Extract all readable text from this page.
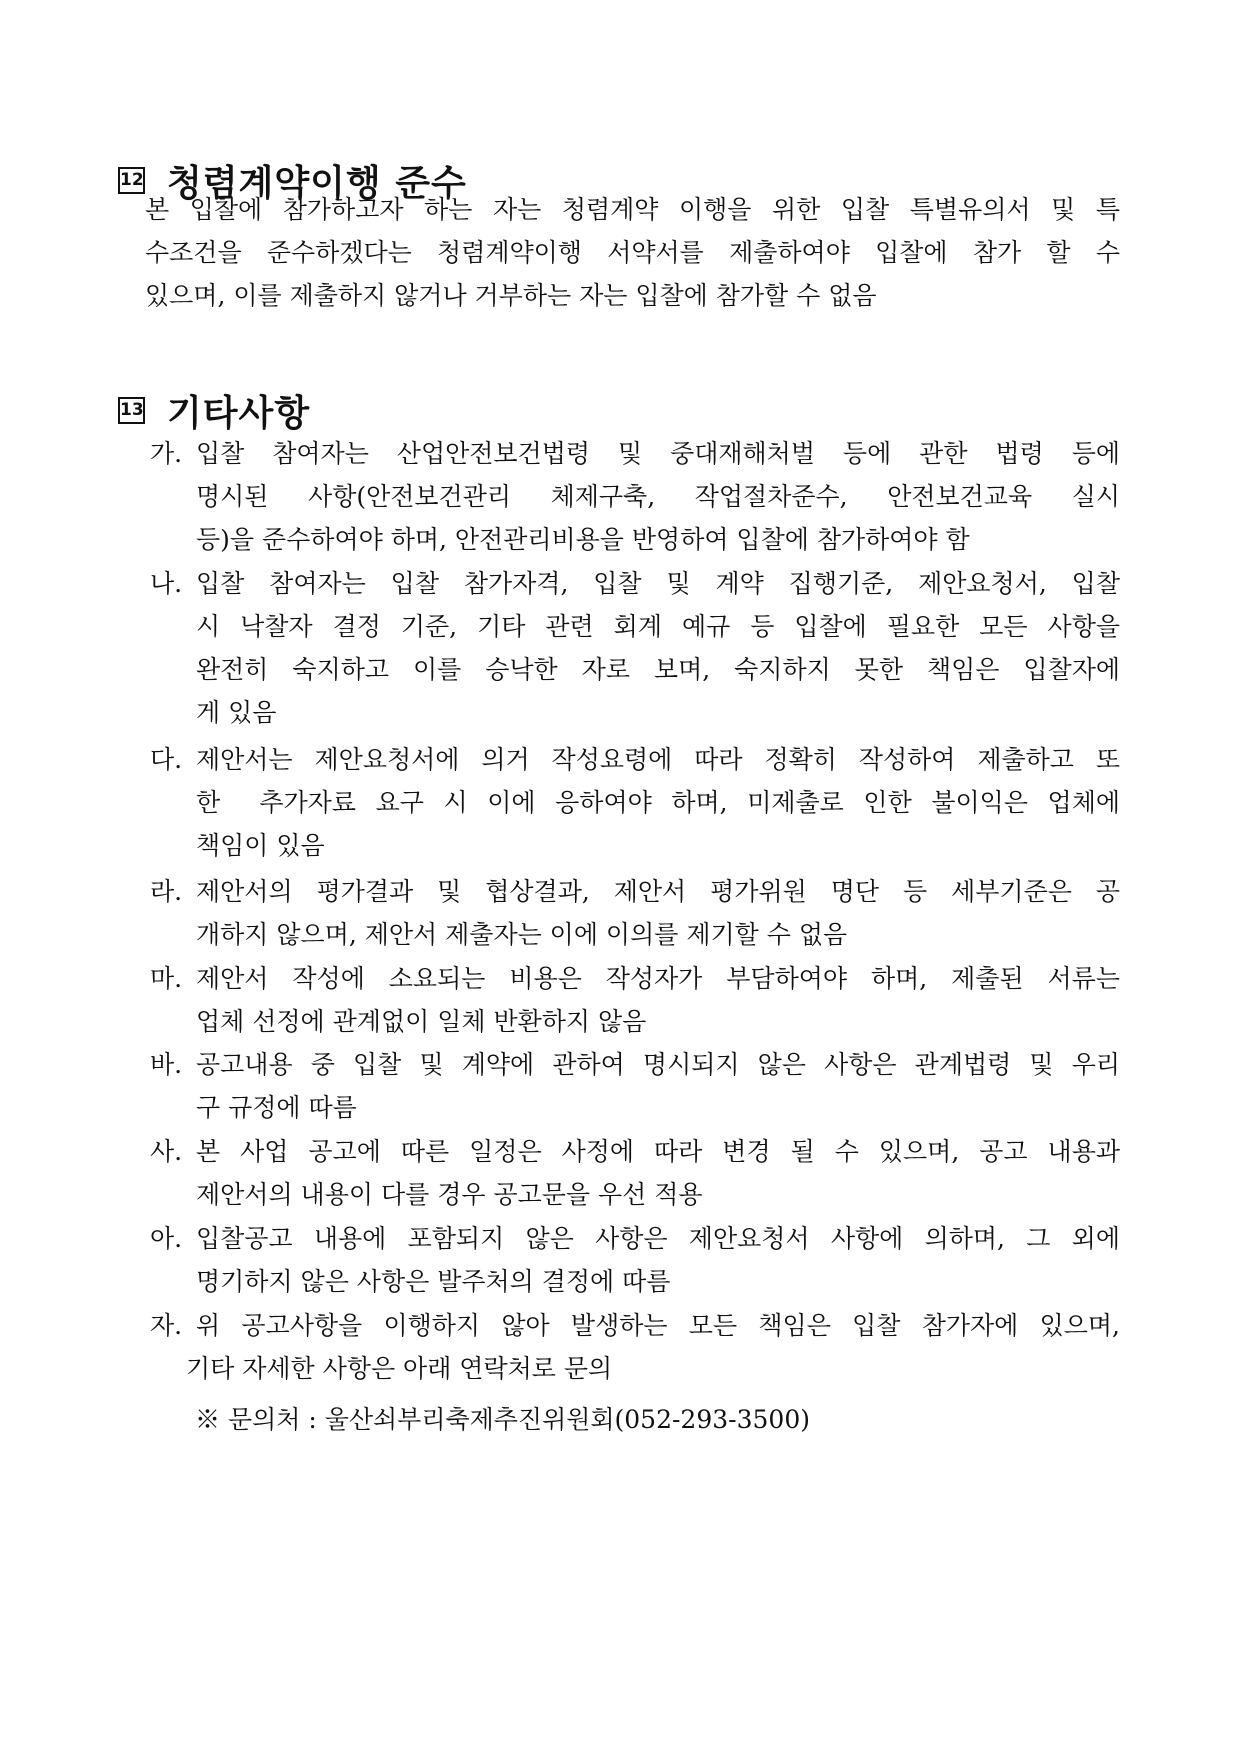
12 청렴계약이행 준수
본 입찰에 참가하고자 하는 자는 청렴계약 이행을 위한 입찰 특별유의서 및 특
수조건을 준수하겠다는 청렴계약이행 서약서를 제출하여야 입찰에 참가 할 수
있으며, 이를 제출하지 않거나 거부하는 자는 입찰에 참가할 수 없음
13 기타사항
가. 입찰 참여자는 산업안전보건법령 및 중대재해처벌 등에 관한 법령 등에
명시된 사항(안전보건관리 체제구축, 작업절차준수, 안전보건교육 실시
등)을 준수하여야 하며, 안전관리비용을 반영하여 입찰에 참가하여야 함
나. 입찰 참여자는 입찰 참가자격, 입찰 및 계약 집행기준, 제안요청서, 입찰
시 낙찰자 결정 기준, 기타 관련 회계 예규 등 입찰에 필요한 모든 사항을
완전히 숙지하고 이를 승낙한 자로 보며, 숙지하지 못한 책임은 입찰자에
게 있음
다. 제안서는 제안요청서에 의거 작성요령에 따라 정확히 작성하여 제출하고 또
한  추가자료 요구 시 이에 응하여야 하며, 미제출로 인한 불이익은 업체에
책임이 있음
라. 제안서의 평가결과 및 협상결과, 제안서 평가위원 명단 등 세부기준은 공
개하지 않으며, 제안서 제출자는 이에 이의를 제기할 수 없음
마. 제안서 작성에 소요되는 비용은 작성자가 부담하여야 하며, 제출된 서류는
업체 선정에 관계없이 일체 반환하지 않음
바. 공고내용 중 입찰 및 계약에 관하여 명시되지 않은 사항은 관계법령 및 우리
구 규정에 따름
사. 본 사업 공고에 따른 일정은 사정에 따라 변경 될 수 있으며, 공고 내용과
제안서의 내용이 다를 경우 공고문을 우선 적용
아. 입찰공고 내용에 포함되지 않은 사항은 제안요청서 사항에 의하며, 그 외에
명기하지 않은 사항은 발주처의 결정에 따름
자. 위 공고사항을 이행하지 않아 발생하는 모든 책임은 입찰 참가자에 있으며,
기타 자세한 사항은 아래 연락처로 문의
※ 문의처 : 울산쇠부리축제추진위원회(052-293-3500)
